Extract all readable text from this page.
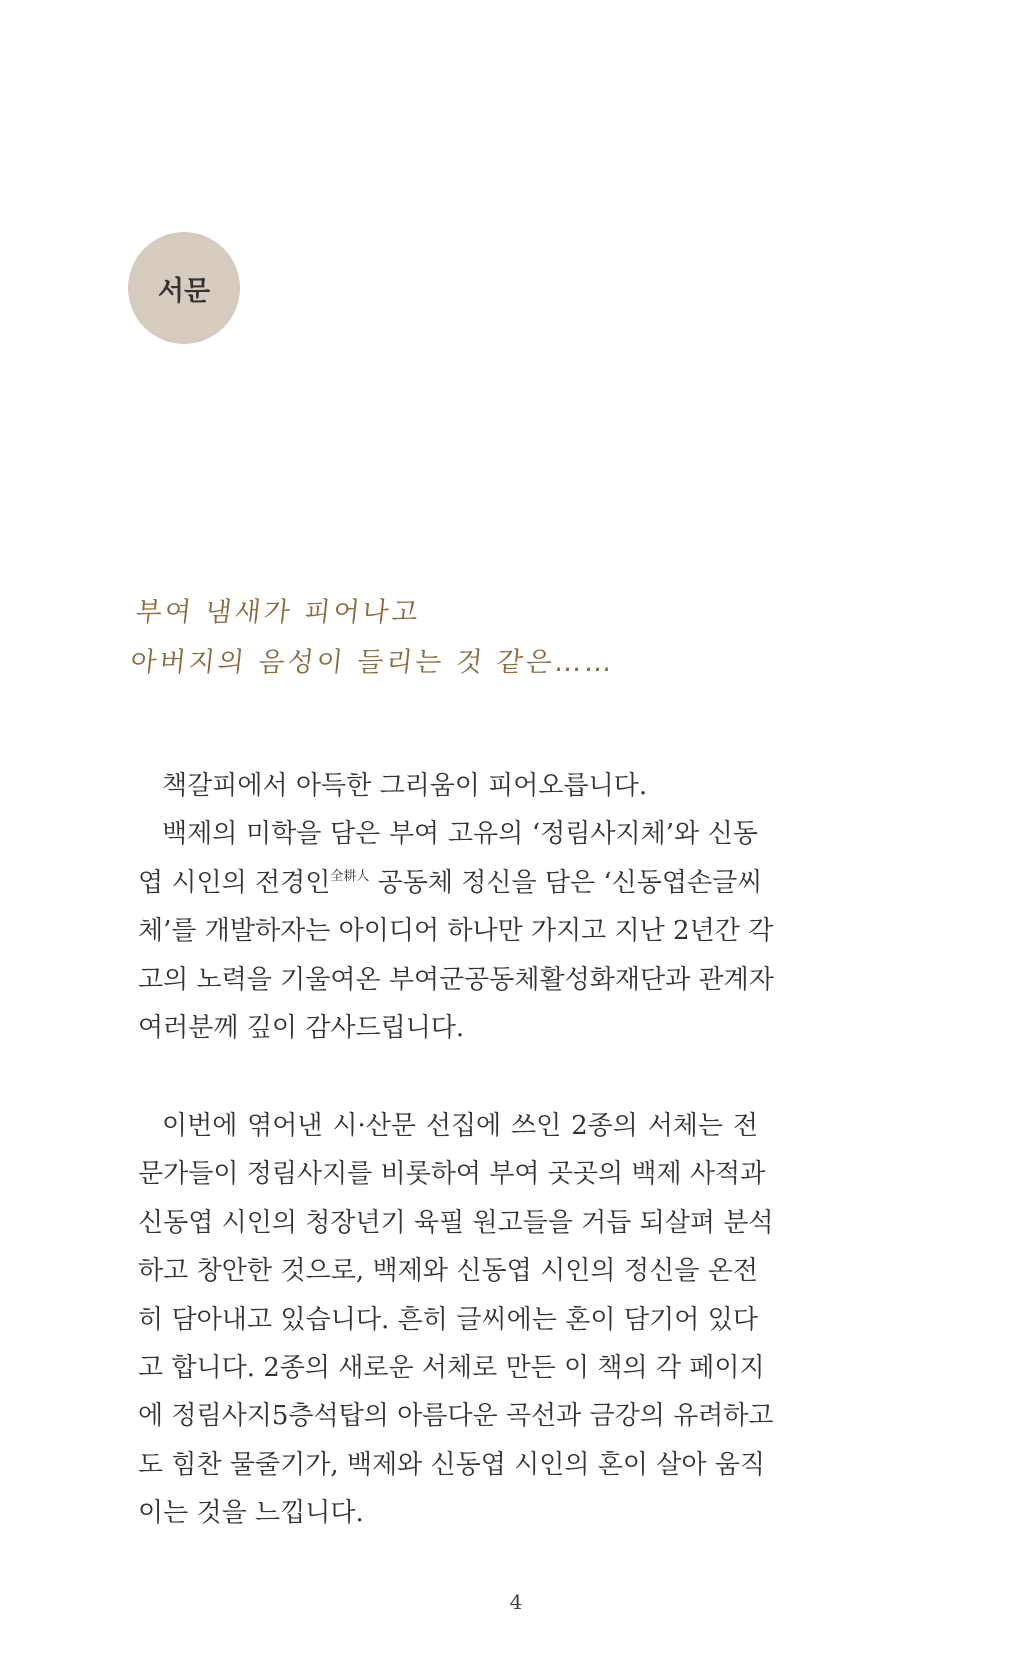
서문
부여 냄새가 피어나고
아버지의 음성이 들리는 것 같은……
책갈피에서 아득한 그리움이 피어오릅니다.
백제의 미학을 담은 부여 고유의 ‘정림사지체’와 신동
엽 시인의 전경인$^{全耕人}$ 공동체 정신을 담은 ‘신동엽손글씨
체’를 개발하자는 아이디어 하나만 가지고 지난 2년간 각
고의 노력을 기울여온 부여군공동체활성화재단과 관계자
여러분께 깊이 감사드립니다.
이번에 엮어낸 시·산문 선집에 쓰인 2종의 서체는 전
문가들이 정림사지를 비롯하여 부여 곳곳의 백제 사적과
신동엽 시인의 청장년기 육필 원고들을 거듭 되살펴 분석
하고 창안한 것으로, 백제와 신동엽 시인의 정신을 온전
히 담아내고 있습니다. 흔히 글씨에는 혼이 담기어 있다
고 합니다. 2종의 새로운 서체로 만든 이 책의 각 페이지
에 정림사지5층석탑의 아름다운 곡선과 금강의 유려하고
도 힘찬 물줄기가, 백제와 신동엽 시인의 혼이 살아 움직
이는 것을 느낍니다.
4
